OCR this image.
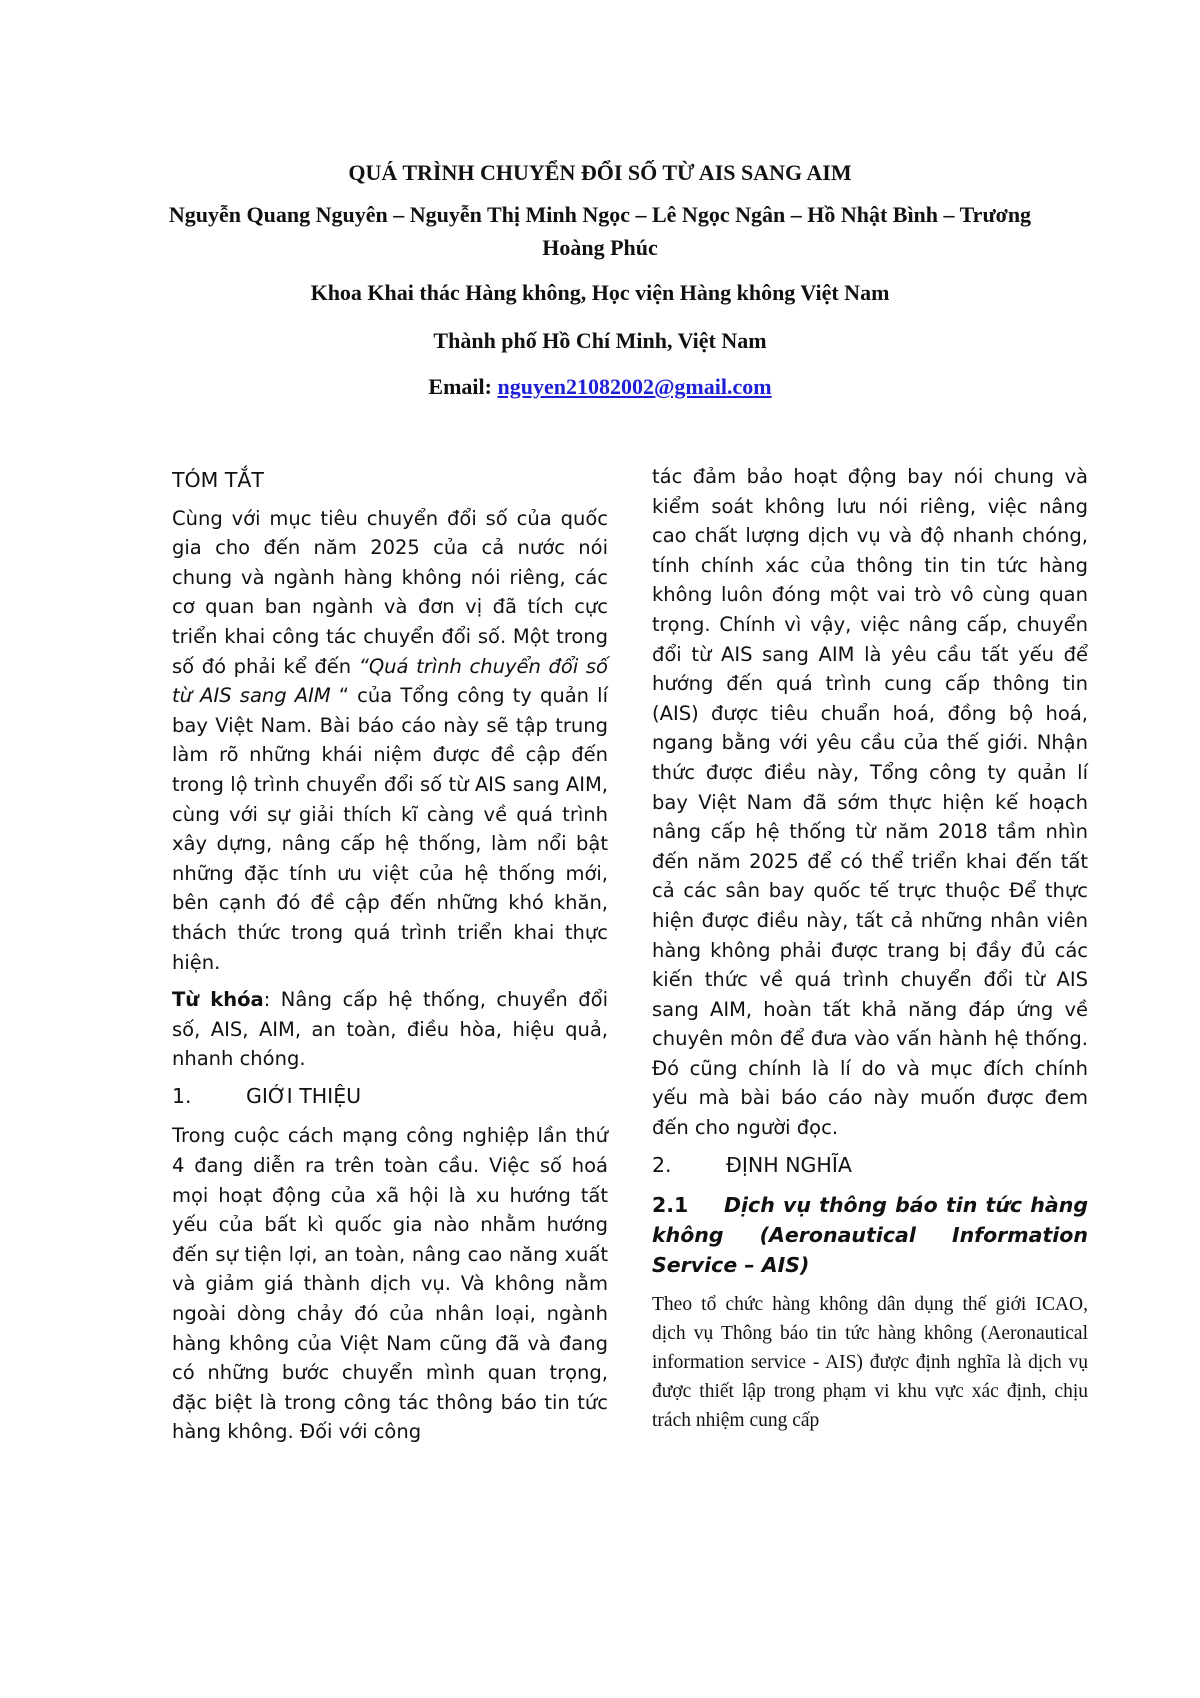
QUÁ TRÌNH CHUYỂN ĐỔI SỐ TỪ AIS SANG AIM
Nguyễn Quang Nguyên – Nguyễn Thị Minh Ngọc – Lê Ngọc Ngân – Hồ Nhật Bình – Trương Hoàng Phúc
Khoa Khai thác Hàng không, Học viện Hàng không Việt Nam
Thành phố Hồ Chí Minh, Việt Nam
Email: nguyen21082002@gmail.com
TÓM TẮT

Cùng với mục tiêu chuyển đổi số của quốc gia cho đến năm 2025 của cả nước nói chung và ngành hàng không nói riêng, các cơ quan ban ngành và đơn vị đã tích cực triển khai công tác chuyển đổi số. Một trong số đó phải kể đến “Quá trình chuyển đổi số từ AIS sang AIM “ của Tổng công ty quản lí bay Việt Nam. Bài báo cáo này sẽ tập trung làm rõ những khái niệm được đề cập đến trong lộ trình chuyển đổi số từ AIS sang AIM, cùng với sự giải thích kĩ càng về quá trình xây dựng, nâng cấp hệ thống, làm nổi bật những đặc tính ưu việt của hệ thống mới, bên cạnh đó đề cập đến những khó khăn, thách thức trong quá trình triển khai thực hiện.

Từ khóa: Nâng cấp hệ thống, chuyển đổi số, AIS, AIM, an toàn, điều hòa, hiệu quả, nhanh chóng.

1.	GIỚI THIỆU

Trong cuộc cách mạng công nghiệp lần thứ 4 đang diễn ra trên toàn cầu. Việc số hoá mọi hoạt động của xã hội là xu hướng tất yếu của bất kì quốc gia nào nhằm hướng đến sự tiện lợi, an toàn, nâng cao năng xuất và giảm giá thành dịch vụ. Và không nằm ngoài dòng chảy đó của nhân loại, ngành hàng không của Việt Nam cũng đã và đang có những bước chuyển mình quan trọng, đặc biệt là trong công tác thông báo tin tức hàng không. Đối với công

tác đảm bảo hoạt động bay nói chung và kiểm soát không lưu nói riêng, việc nâng cao chất lượng dịch vụ và độ nhanh chóng, tính chính xác của thông tin tin tức hàng không luôn đóng một vai trò vô cùng quan trọng. Chính vì vậy, việc nâng cấp, chuyển đổi từ AIS sang AIM là yêu cầu tất yếu để hướng đến quá trình cung cấp thông tin (AIS) được tiêu chuẩn hoá, đồng bộ hoá, ngang bằng với yêu cầu của thế giới. Nhận thức được điều này, Tổng công ty quản lí bay Việt Nam đã sớm thực hiện kế hoạch nâng cấp hệ thống từ năm 2018 tầm nhìn đến năm 2025 để có thể triển khai đến tất cả các sân bay quốc tế trực thuộc Để thực hiện được điều này, tất cả những nhân viên hàng không phải được trang bị đầy đủ các kiến thức về quá trình chuyển đổi từ AIS sang AIM, hoàn tất khả năng đáp ứng về chuyên môn để đưa vào vấn hành hệ thống. Đó cũng chính là lí do và mục đích chính yếu mà bài báo cáo này muốn được đem đến cho người đọc.

2.	ĐỊNH NGHĨA
2.1 Dịch vụ thông báo tin tức hàng không (Aeronautical Information Service – AIS)

Theo tổ chức hàng không dân dụng thế giới ICAO, dịch vụ Thông báo tin tức hàng không (Aeronautical information service - AIS) được định nghĩa là dịch vụ được thiết lập trong phạm vi khu vực xác định, chịu trách nhiệm cung cấp
